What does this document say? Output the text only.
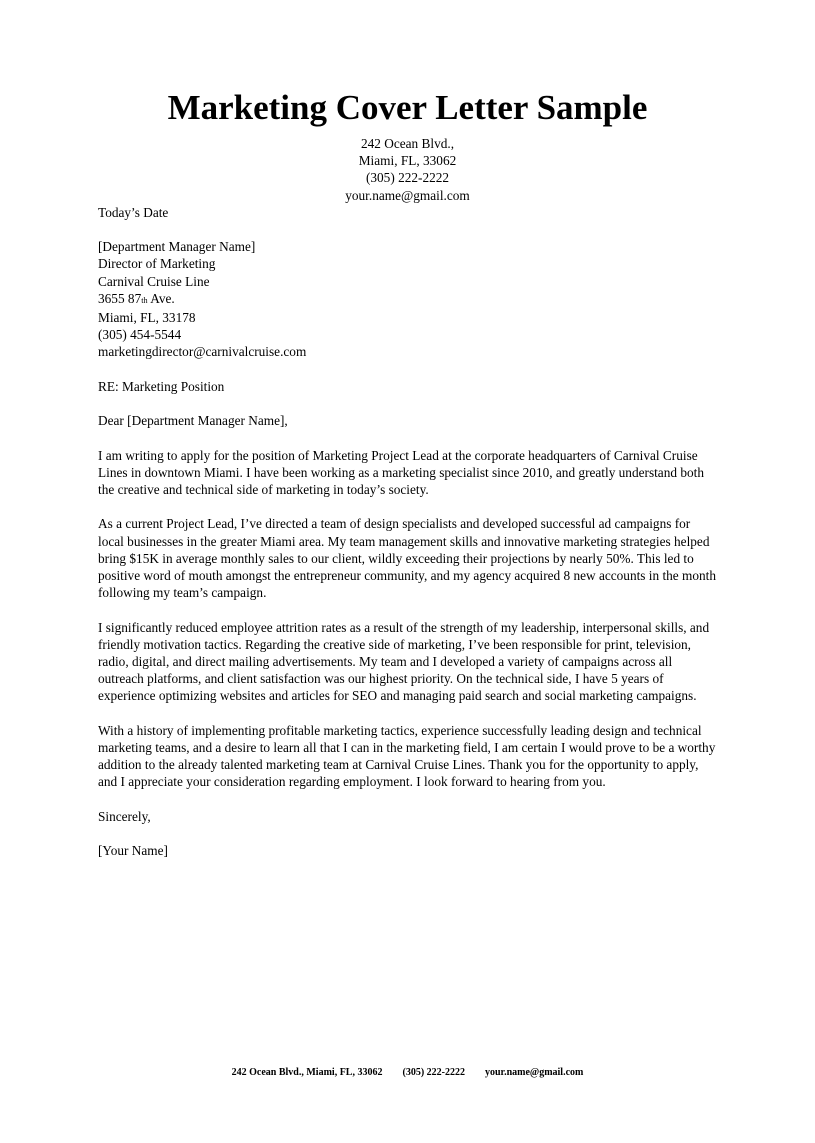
Marketing Cover Letter Sample
242 Ocean Blvd.,
Miami, FL, 33062
(305) 222-2222
your.name@gmail.com
Today’s Date
[Department Manager Name]
Director of Marketing
Carnival Cruise Line
3655 87th Ave.
Miami, FL, 33178
(305) 454-5544
marketingdirector@carnivalcruise.com

RE: Marketing Position

Dear [Department Manager Name],

I am writing to apply for the position of Marketing Project Lead at the corporate headquarters of Carnival Cruise Lines in downtown Miami. I have been working as a marketing specialist since 2010, and greatly understand both the creative and technical side of marketing in today’s society.

As a current Project Lead, I’ve directed a team of design specialists and developed successful ad campaigns for local businesses in the greater Miami area. My team management skills and innovative marketing strategies helped bring $15K in average monthly sales to our client, wildly exceeding their projections by nearly 50%. This led to positive word of mouth amongst the entrepreneur community, and my agency acquired 8 new accounts in the month following my team’s campaign.

I significantly reduced employee attrition rates as a result of the strength of my leadership, interpersonal skills, and friendly motivation tactics. Regarding the creative side of marketing, I’ve been responsible for print, television, radio, digital, and direct mailing advertisements. My team and I developed a variety of campaigns across all outreach platforms, and client satisfaction was our highest priority. On the technical side, I have 5 years of experience optimizing websites and articles for SEO and managing paid search and social marketing campaigns.

With a history of implementing profitable marketing tactics, experience successfully leading design and technical marketing teams, and a desire to learn all that I can in the marketing field, I am certain I would prove to be a worthy addition to the already talented marketing team at Carnival Cruise Lines. Thank you for the opportunity to apply, and I appreciate your consideration regarding employment. I look forward to hearing from you.

Sincerely,

[Your Name]

242 Ocean Blvd., Miami, FL, 33062 (305) 222-2222 your.name@gmail.com
